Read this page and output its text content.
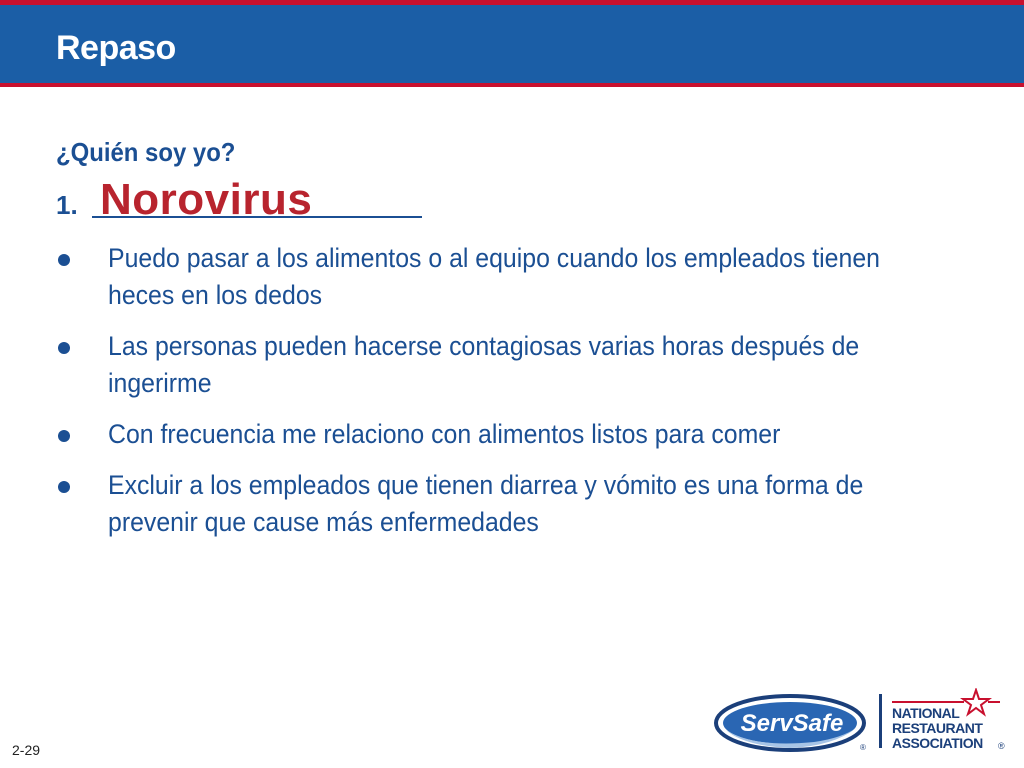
Repaso
¿Quién soy yo?
1. Norovirus
Puedo pasar a los alimentos o al equipo cuando los empleados tienen heces en los dedos
Las personas pueden hacerse contagiosas varias horas después de ingerirme
Con frecuencia me relaciono con alimentos listos para comer
Excluir a los empleados que tienen diarrea y vómito es una forma de prevenir que cause más enfermedades
2-29
ServSafe
®
NATIONAL
RESTAURANT
ASSOCIATION ®
